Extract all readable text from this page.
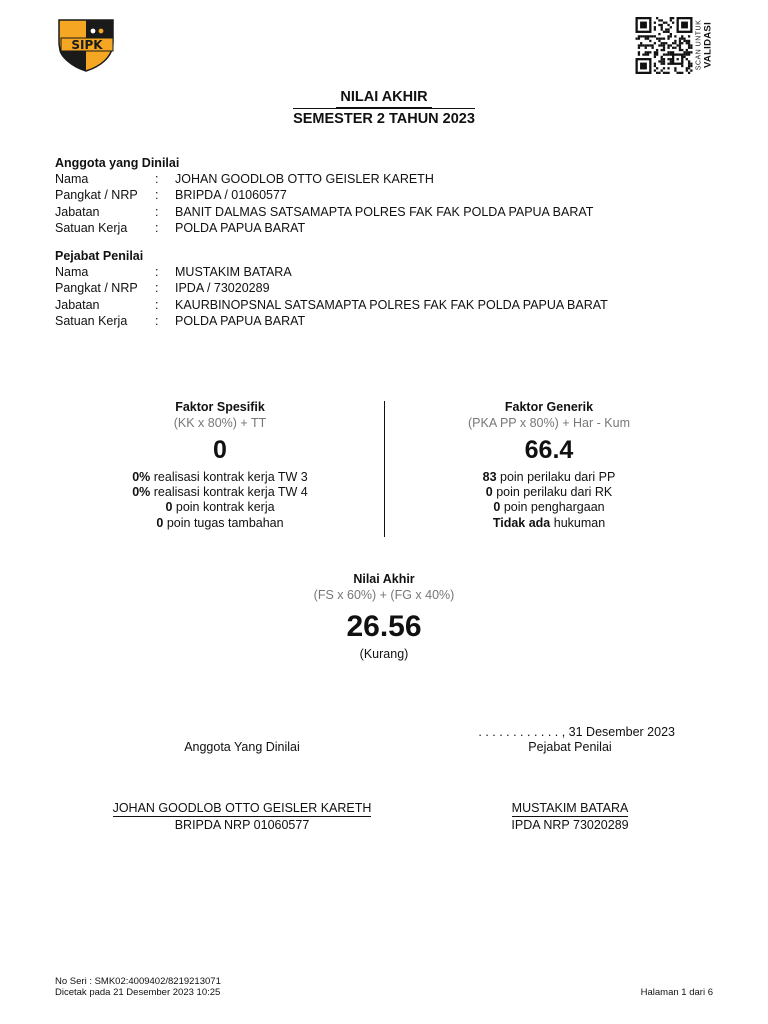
SIPK	SCAN UNTUK VALIDASI
NILAI AKHIR
SEMESTER 2 TAHUN 2023
Anggota yang Dinilai
Nama	:	JOHAN GOODLOB OTTO GEISLER KARETH
Pangkat / NRP	:	BRIPDA / 01060577
Jabatan	:	BANIT DALMAS SATSAMAPTA POLRES FAK FAK POLDA PAPUA BARAT
Satuan Kerja	:	POLDA PAPUA BARAT
Pejabat Penilai
Nama	:	MUSTAKIM BATARA
Pangkat / NRP	:	IPDA / 73020289
Jabatan	:	KAURBINOPSNAL SATSAMAPTA POLRES FAK FAK POLDA PAPUA BARAT
Satuan Kerja	:	POLDA PAPUA BARAT
Faktor Spesifik
(KK x 80%) + TT
0
0% realisasi kontrak kerja TW 3
0% realisasi kontrak kerja TW 4
0 poin kontrak kerja
0 poin tugas tambahan
Faktor Generik
(PKA PP x 80%) + Har - Kum
66.4
83 poin perilaku dari PP
0 poin perilaku dari RK
0 poin penghargaan
Tidak ada hukuman
Nilai Akhir
(FS x 60%) + (FG x 40%)
26.56
(Kurang)
. . . . . . . . . . . . , 31 Desember 2023
Anggota Yang Dinilai
JOHAN GOODLOB OTTO GEISLER KARETH
BRIPDA NRP 01060577
Pejabat Penilai
MUSTAKIM BATARA
IPDA NRP 73020289
No Seri : SMK02:4009402/8219213071
Dicetak pada 21 Desember 2023 10:25	Halaman 1 dari 6
